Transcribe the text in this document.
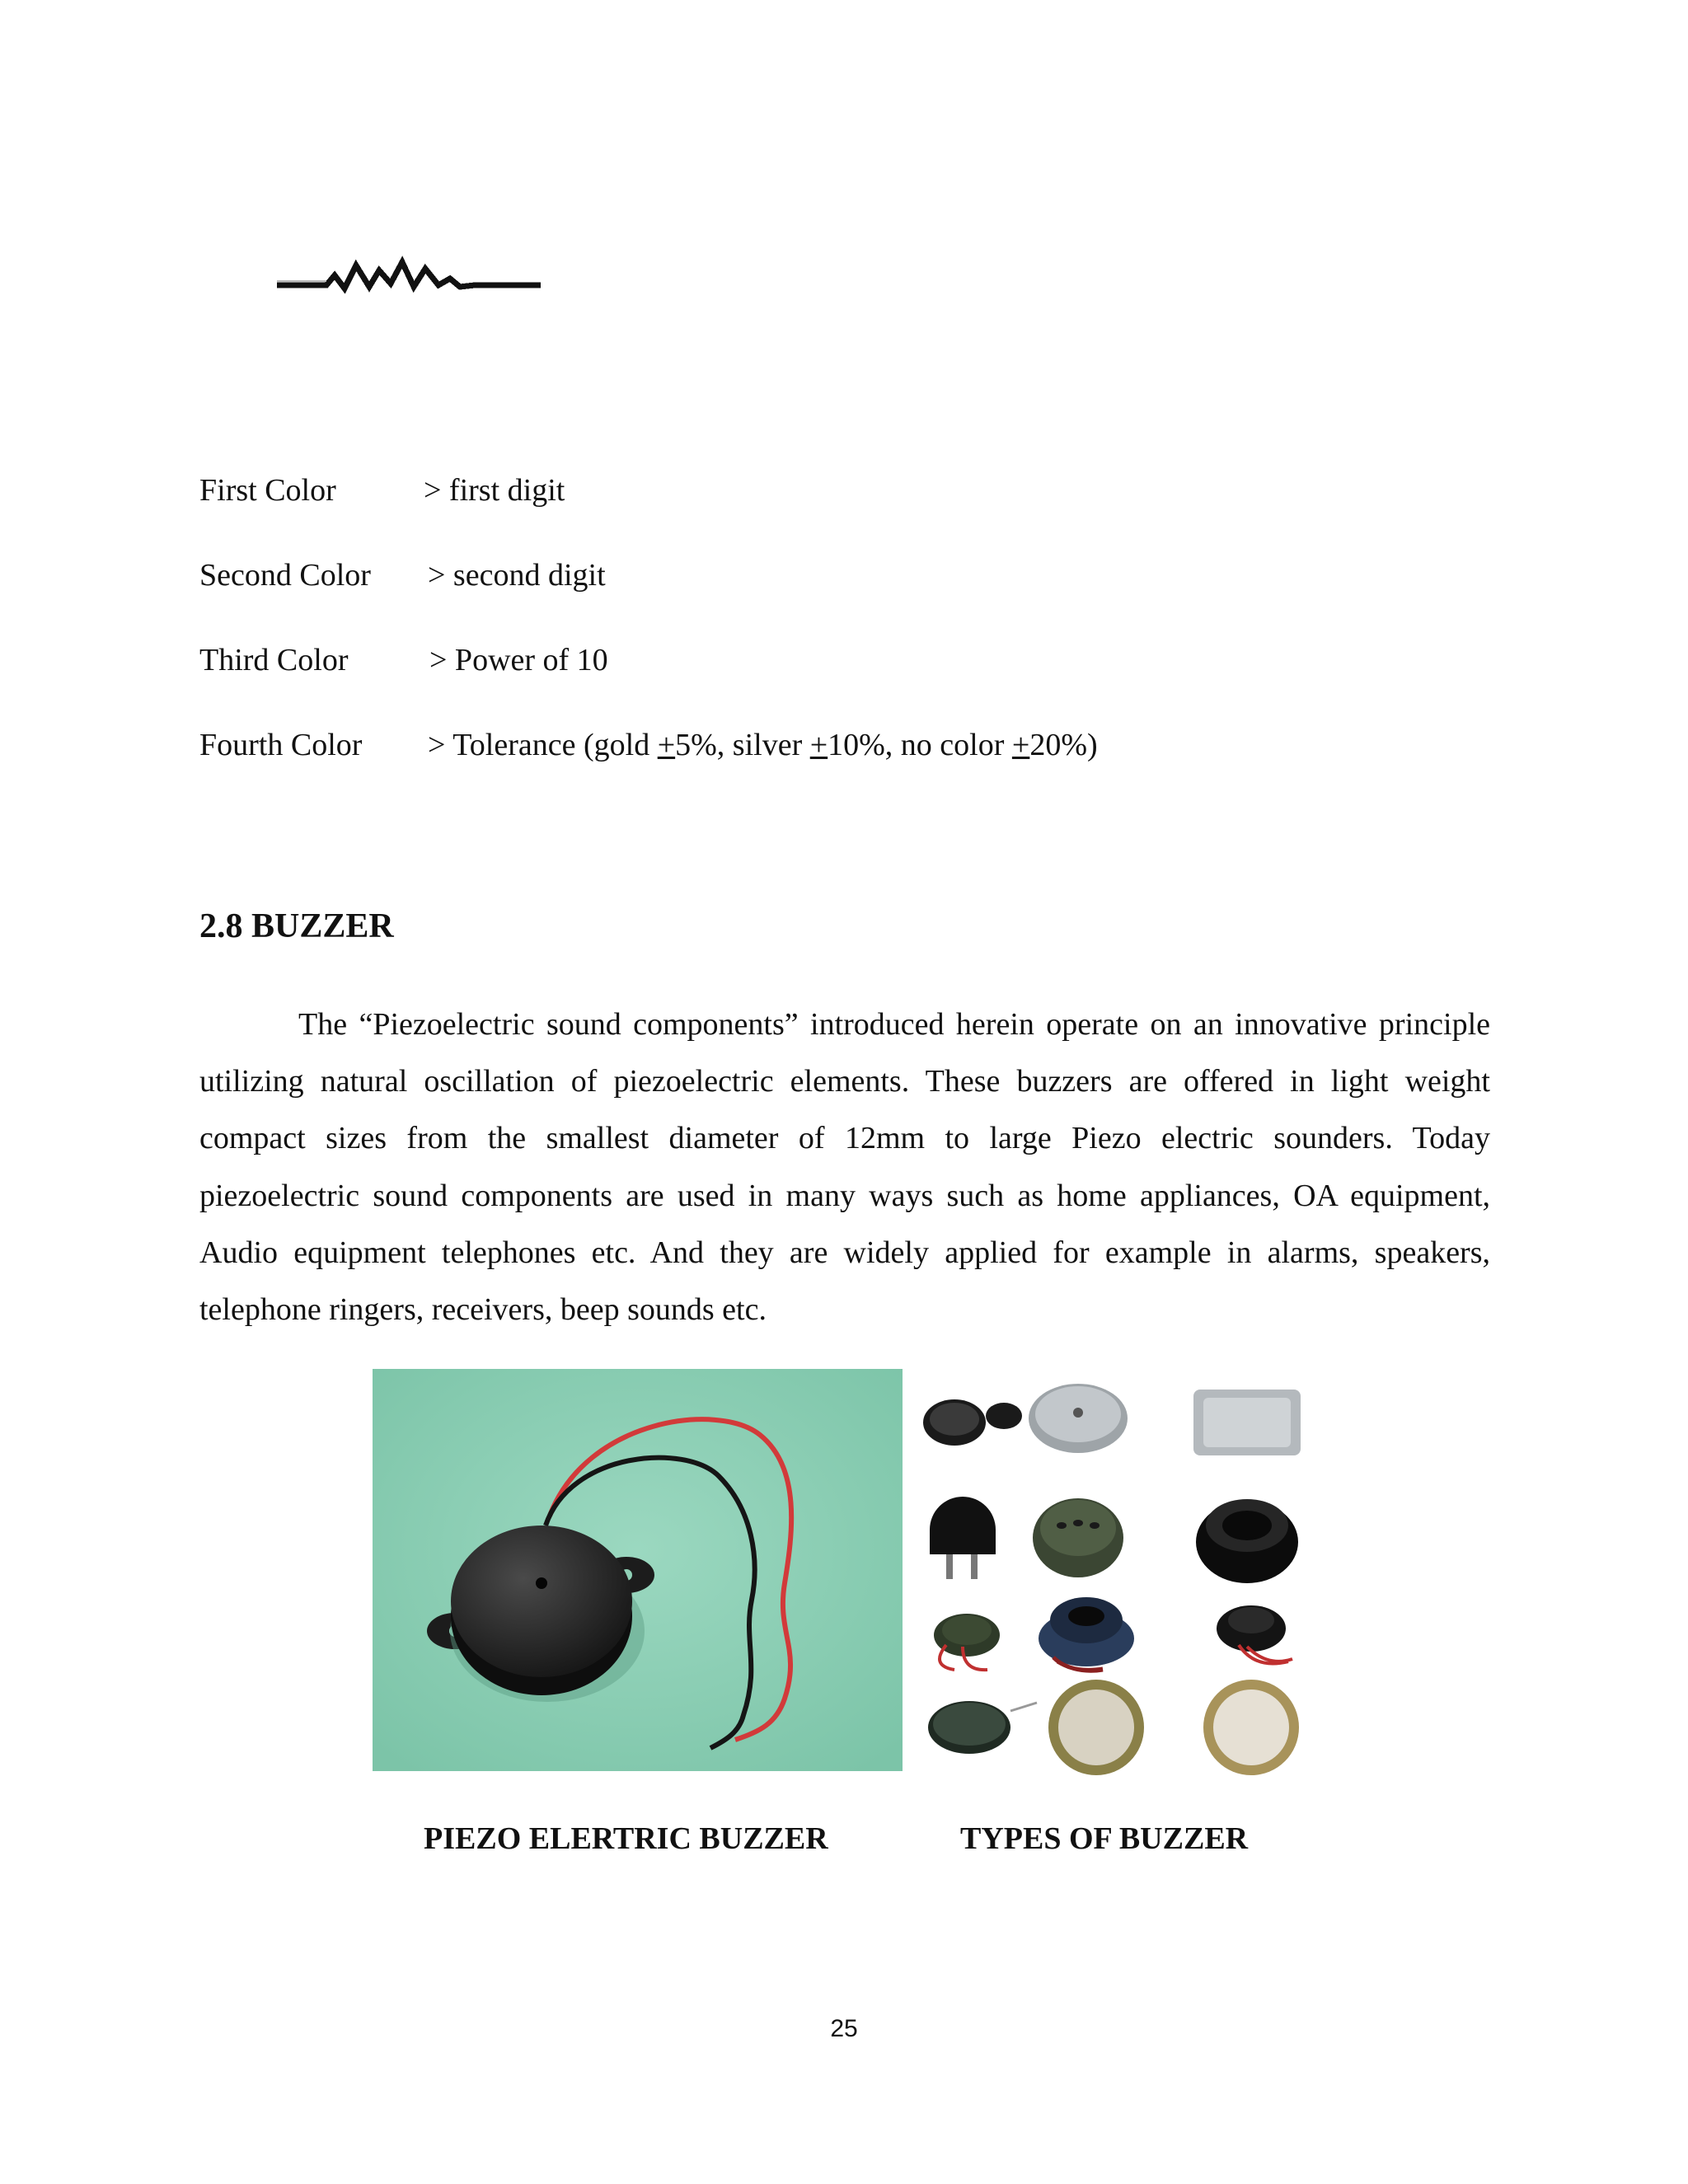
First Color	> first digit
Second Color > second digit
Third Color	> Power of 10
Fourth Color > Tolerance (gold +5%, silver +10%, no color +20%)
2.8 BUZZER

The “Piezoelectric sound components” introduced herein operate on an innovative principle utilizing natural oscillation of piezoelectric elements. These buzzers are offered in light weight compact sizes from the smallest diameter of 12mm to large Piezo electric sounders. Today piezoelectric sound components are used in many ways such as home appliances, OA equipment, Audio equipment telephones etc. And they are widely applied for example in alarms, speakers, telephone ringers, receivers, beep sounds etc.

PIEZO ELERTRIC BUZZER	TYPES OF BUZZER
25
